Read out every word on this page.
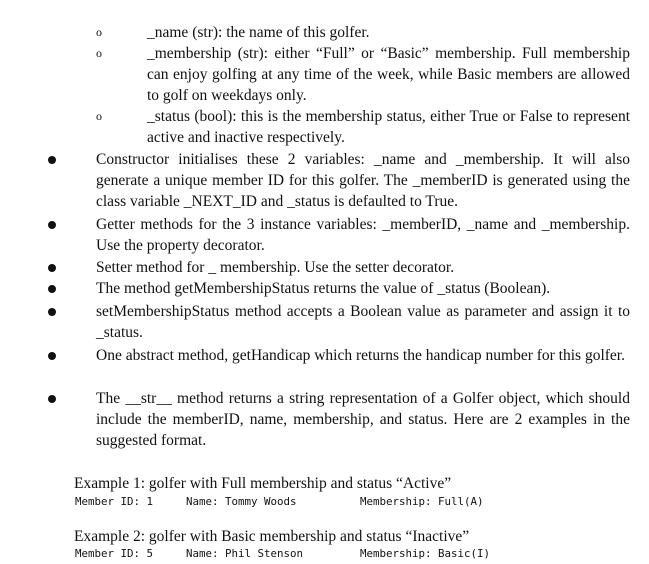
o	_name (str): the name of this golfer.
o	_membership (str): either “Full” or “Basic” membership. Full membership can enjoy golfing at any time of the week, while Basic members are allowed to golf on weekdays only.
o	_status (bool): this is the membership status, either True or False to represent active and inactive respectively.
Constructor initialises these 2 variables: _name and _membership. It will also generate a unique member ID for this golfer. The _memberID is generated using the class variable _NEXT_ID and _status is defaulted to True.
Getter methods for the 3 instance variables: _memberID, _name and _membership. Use the property decorator.
Setter method for _ membership. Use the setter decorator.
The method getMembershipStatus returns the value of _status (Boolean).
setMembershipStatus method accepts a Boolean value as parameter and assign it to _status.
One abstract method, getHandicap which returns the handicap number for this golfer.
The __str__ method returns a string representation of a Golfer object, which should include the memberID, name, membership, and status. Here are 2 examples in the suggested format.
Example 1: golfer with Full membership and status “Active”
Member ID: 1	Name: Tommy Woods	Membership: Full(A)
Example 2: golfer with Basic membership and status “Inactive”
Member ID: 5	Name: Phil Stenson	Membership: Basic(I)
